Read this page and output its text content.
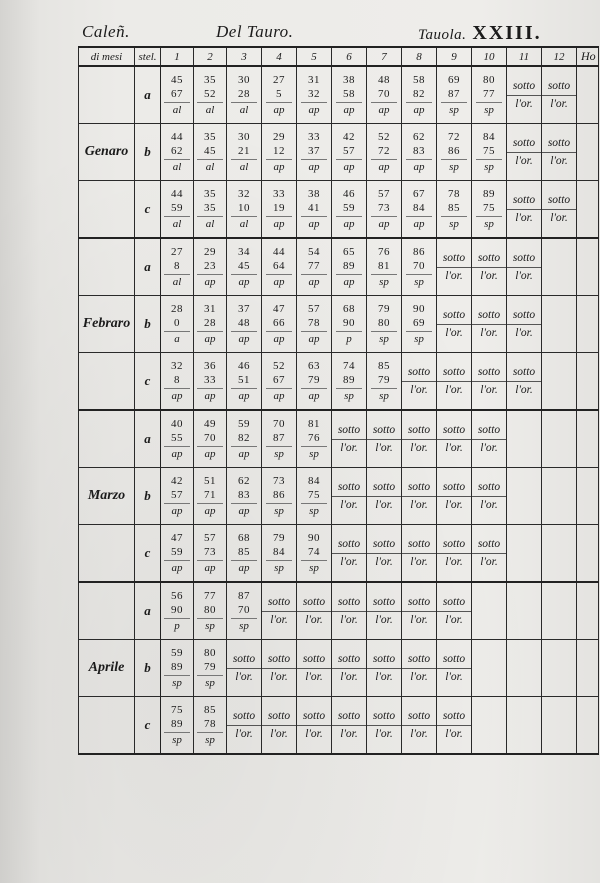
Caleñ.	Del Tauro.	Tauola. XXIII.
di mesi	stel.	1	2	3	4	5	6	7	8	9	10	11	12	Ho
	a	45
67
al	35
52
al	30
28
al	27
5
ap	31
32
ap	38
58
ap	48
70
ap	58
82
ap	69
87
sp	80
77
sp	sotto
l'or.	sotto
l'or.	

Genaro	b	44
62
al	35
45
al	30
21
al	29
12
ap	33
37
ap	42
57
ap	52
72
ap	62
83
ap	72
86
sp	84
75
sp	sotto
l'or.	sotto
l'or.	

	c	44
59
al	35
35
al	32
10
al	33
19
ap	38
41
ap	46
59
ap	57
73
ap	67
84
ap	78
85
sp	89
75
sp	sotto
l'or.	sotto
l'or.	

	a	27
8
al	29
23
ap	34
45
ap	44
64
ap	54
77
ap	65
89
ap	76
81
sp	86
70
sp	sotto
l'or.	sotto
l'or.	sotto
l'or.		

Febraro	b	28
0
a	31
28
ap	37
48
ap	47
66
ap	57
78
ap	68
90
p	79
80
sp	90
69
sp	sotto
l'or.	sotto
l'or.	sotto
l'or.		

	c	32
8
ap	36
33
ap	46
51
ap	52
67
ap	63
79
ap	74
89
sp	85
79
sp	sotto
l'or.	sotto
l'or.	sotto
l'or.	sotto
l'or.		

	a	40
55
ap	49
70
ap	59
82
ap	70
87
sp	81
76
sp	sotto
l'or.	sotto
l'or.	sotto
l'or.	sotto
l'or.	sotto
l'or.			

Marzo	b	42
57
ap	51
71
ap	62
83
ap	73
86
sp	84
75
sp	sotto
l'or.	sotto
l'or.	sotto
l'or.	sotto
l'or.	sotto
l'or.			

	c	47
59
ap	57
73
ap	68
85
ap	79
84
sp	90
74
sp	sotto
l'or.	sotto
l'or.	sotto
l'or.	sotto
l'or.	sotto
l'or.			

	a	56
90
p	77
80
sp	87
70
sp	sotto
l'or.	sotto
l'or.	sotto
l'or.	sotto
l'or.	sotto
l'or.	sotto
l'or.				

Aprile	b	59
89
sp	80
79
sp	sotto
l'or.	sotto
l'or.	sotto
l'or.	sotto
l'or.	sotto
l'or.	sotto
l'or.	sotto
l'or.				

	c	75
89
sp	85
78
sp	sotto
l'or.	sotto
l'or.	sotto
l'or.	sotto
l'or.	sotto
l'or.	sotto
l'or.	sotto
l'or.				
